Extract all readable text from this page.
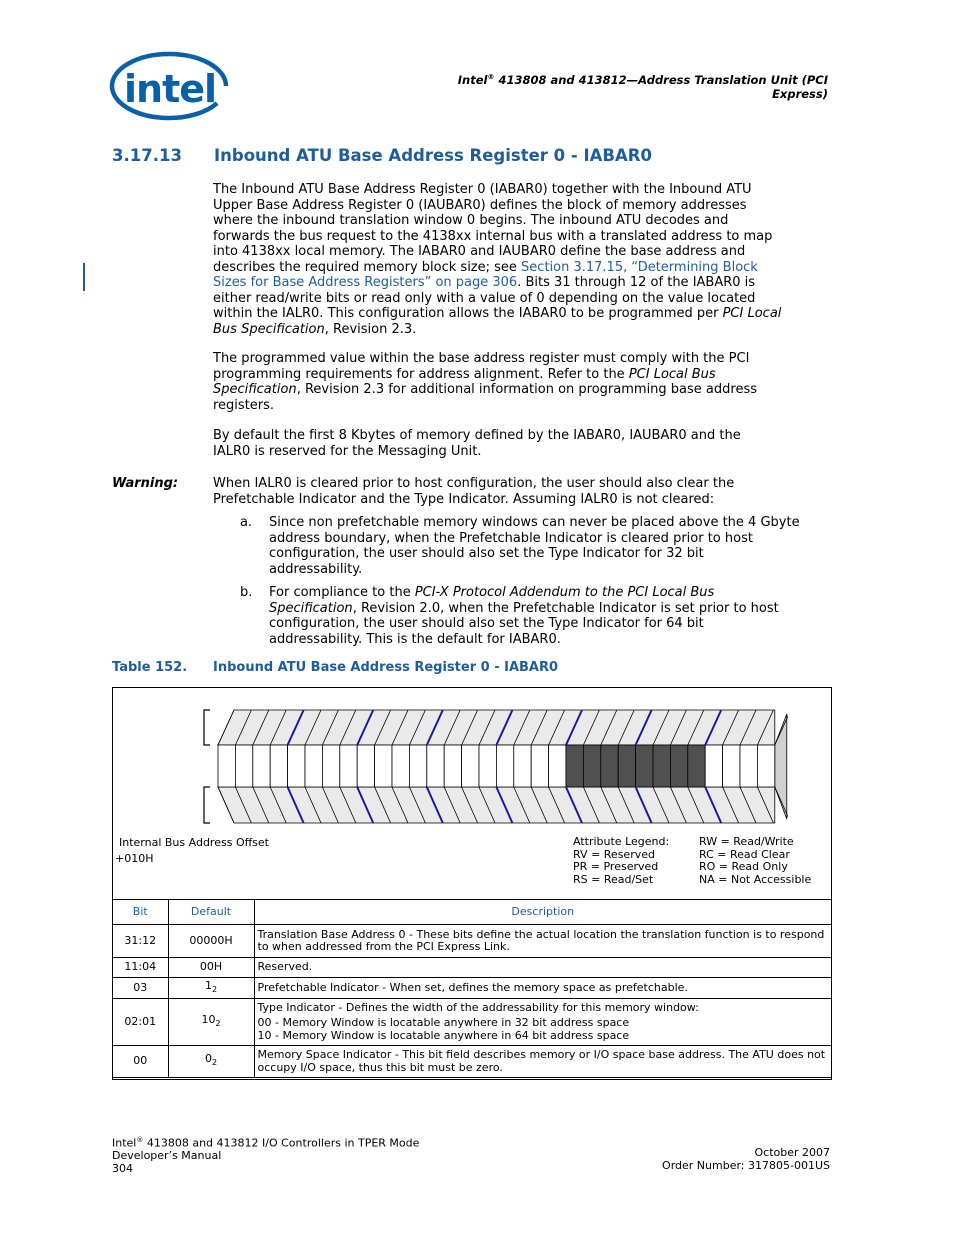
intel	Intel® 413808 and 413812—Address Translation Unit (PCI Express)
3.17.13 Inbound ATU Base Address Register 0 - IABAR0
The Inbound ATU Base Address Register 0 (IABAR0) together with the Inbound ATU
Upper Base Address Register 0 (IAUBAR0) defines the block of memory addresses
where the inbound translation window 0 begins. The inbound ATU decodes and
forwards the bus request to the 4138xx internal bus with a translated address to map
into 4138xx local memory. The IABAR0 and IAUBAR0 define the base address and
describes the required memory block size; see Section 3.17.15, “Determining Block
Sizes for Base Address Registers” on page 306. Bits 31 through 12 of the IABAR0 is
either read/write bits or read only with a value of 0 depending on the value located
within the IALR0. This configuration allows the IABAR0 to be programmed per PCI Local
Bus Specification, Revision 2.3.
The programmed value within the base address register must comply with the PCI
programming requirements for address alignment. Refer to the PCI Local Bus
Specification, Revision 2.3 for additional information on programming base address
registers.
By default the first 8 Kbytes of memory defined by the IABAR0, IAUBAR0 and the
IALR0 is reserved for the Messaging Unit.
Warning:	When IALR0 is cleared prior to host configuration, the user should also clear the
Prefetchable Indicator and the Type Indicator. Assuming IALR0 is not cleared:
a. Since non prefetchable memory windows can never be placed above the 4 Gbyte
address boundary, when the Prefetchable Indicator is cleared prior to host
configuration, the user should also set the Type Indicator for 32 bit
addressability.
b. For compliance to the PCI-X Protocol Addendum to the PCI Local Bus
Specification, Revision 2.0, when the Prefetchable Indicator is set prior to host
configuration, the user should also set the Type Indicator for 64 bit
addressability. This is the default for IABAR0.
Table 152. Inbound ATU Base Address Register 0 - IABAR0
Internal Bus Address Offset
+010H
Attribute Legend:	RW = Read/Write
RV = Reserved	RC = Read Clear
PR = Preserved	RO = Read Only
RS = Read/Set	NA = Not Accessible
Bit	Default	Description
31:12	00000H	Translation Base Address 0 - These bits define the actual location the translation function is to respond to when addressed from the PCI Express Link.
11:04	00H	Reserved.
03	$1_2$	Prefetchable Indicator - When set, defines the memory space as prefetchable.
02:01	$10_2$	Type Indicator - Defines the width of the addressability for this memory window:
00 - Memory Window is locatable anywhere in 32 bit address space
10 - Memory Window is locatable anywhere in 64 bit address space

00	$0_2$	Memory Space Indicator - This bit field describes memory or I/O space base address. The ATU does not occupy I/O space, thus this bit must be zero.
Intel® 413808 and 413812 I/O Controllers in TPER Mode
Developer’s Manual
304
October 2007
Order Number: 317805-001US
